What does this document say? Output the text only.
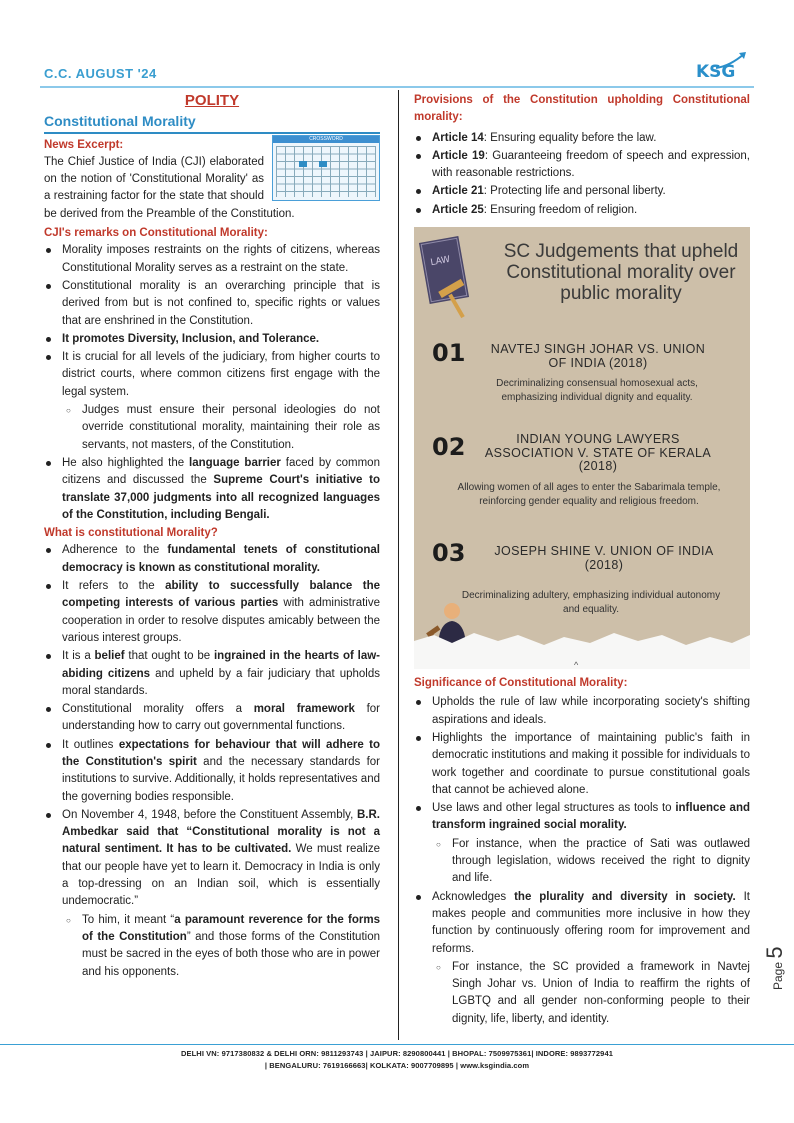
C.C. AUGUST '24	KSG
POLITY
Constitutional Morality
CROSSWORD
News Excerpt:
The Chief Justice of India (CJI) elaborated on the notion of 'Constitutional Morality' as a restraining factor for the state that should be derived from the Preamble of the Constitution.
CJI's remarks on Constitutional Morality:
Morality imposes restraints on the rights of citizens, whereas Constitutional Morality serves as a restraint on the state.
Constitutional morality is an overarching principle that is derived from but is not confined to, specific rights or values that are enshrined in the Constitution.
It promotes Diversity, Inclusion, and Tolerance.
It is crucial for all levels of the judiciary, from higher courts to district courts, where common citizens first engage with the legal system.
○ Judges must ensure their personal ideologies do not override constitutional morality, maintaining their role as servants, not masters, of the Constitution.
He also highlighted the language barrier faced by common citizens and discussed the Supreme Court's initiative to translate 37,000 judgments into all recognized languages of the Constitution, including Bengali.
What is constitutional Morality?
Adherence to the fundamental tenets of constitutional democracy is known as constitutional morality.
It refers to the ability to successfully balance the competing interests of various parties with administrative cooperation in order to resolve disputes amicably between the various interest groups.
It is a belief that ought to be ingrained in the hearts of law-abiding citizens and upheld by a fair judiciary that upholds moral standards.
Constitutional morality offers a moral framework for understanding how to carry out governmental functions.
It outlines expectations for behaviour that will adhere to the Constitution's spirit and the necessary standards for institutions to survive. Additionally, it holds representatives and the governing bodies responsible.
On November 4, 1948, before the Constituent Assembly, B.R. Ambedkar said that “Constitutional morality is not a natural sentiment. It has to be cultivated. We must realize that our people have yet to learn it. Democracy in India is only a top-dressing on an Indian soil, which is essentially undemocratic.”
○ To him, it meant “a paramount reverence for the forms of the Constitution” and those forms of the Constitution must be sacred in the eyes of both those who are in power and his opponents.
Provisions of the Constitution upholding Constitutional morality:
Article 14: Ensuring equality before the law.
Article 19: Guaranteeing freedom of speech and expression, with reasonable restrictions.
Article 21: Protecting life and personal liberty.
Article 25: Ensuring freedom of religion.
LAW	SC Judgements that upheld Constitutional morality over public morality
01	NAVTEJ SINGH JOHAR VS. UNION OF INDIA (2018)
Decriminalizing consensual homosexual acts, emphasizing individual dignity and equality.
02	INDIAN YOUNG LAWYERS ASSOCIATION V. STATE OF KERALA (2018)
Allowing women of all ages to enter the Sabarimala temple, reinforcing gender equality and religious freedom.
03	JOSEPH SHINE V. UNION OF INDIA (2018)
Decriminalizing adultery, emphasizing individual autonomy and equality.
^
Significance of Constitutional Morality:
Upholds the rule of law while incorporating society's shifting aspirations and ideals.
Highlights the importance of maintaining public's faith in democratic institutions and making it possible for individuals to work together and coordinate to pursue constitutional goals that cannot be achieved alone.
Use laws and other legal structures as tools to influence and transform ingrained social morality.
○ For instance, when the practice of Sati was outlawed through legislation, widows received the right to dignity and life.
Acknowledges the plurality and diversity in society. It makes people and communities more inclusive in how they function by continuously offering room for improvement and reforms.
○ For instance, the SC provided a framework in Navtej Singh Johar vs. Union of India to reaffirm the rights of LGBTQ and all gender non-conforming people to their dignity, life, liberty, and identity.
Page 5
DELHI VN: 9717380832 & DELHI ORN: 9811293743 | JAIPUR: 8290800441 | BHOPAL: 7509975361| INDORE: 9893772941
| BENGALURU: 7619166663| KOLKATA: 9007709895 | www.ksgindia.com
